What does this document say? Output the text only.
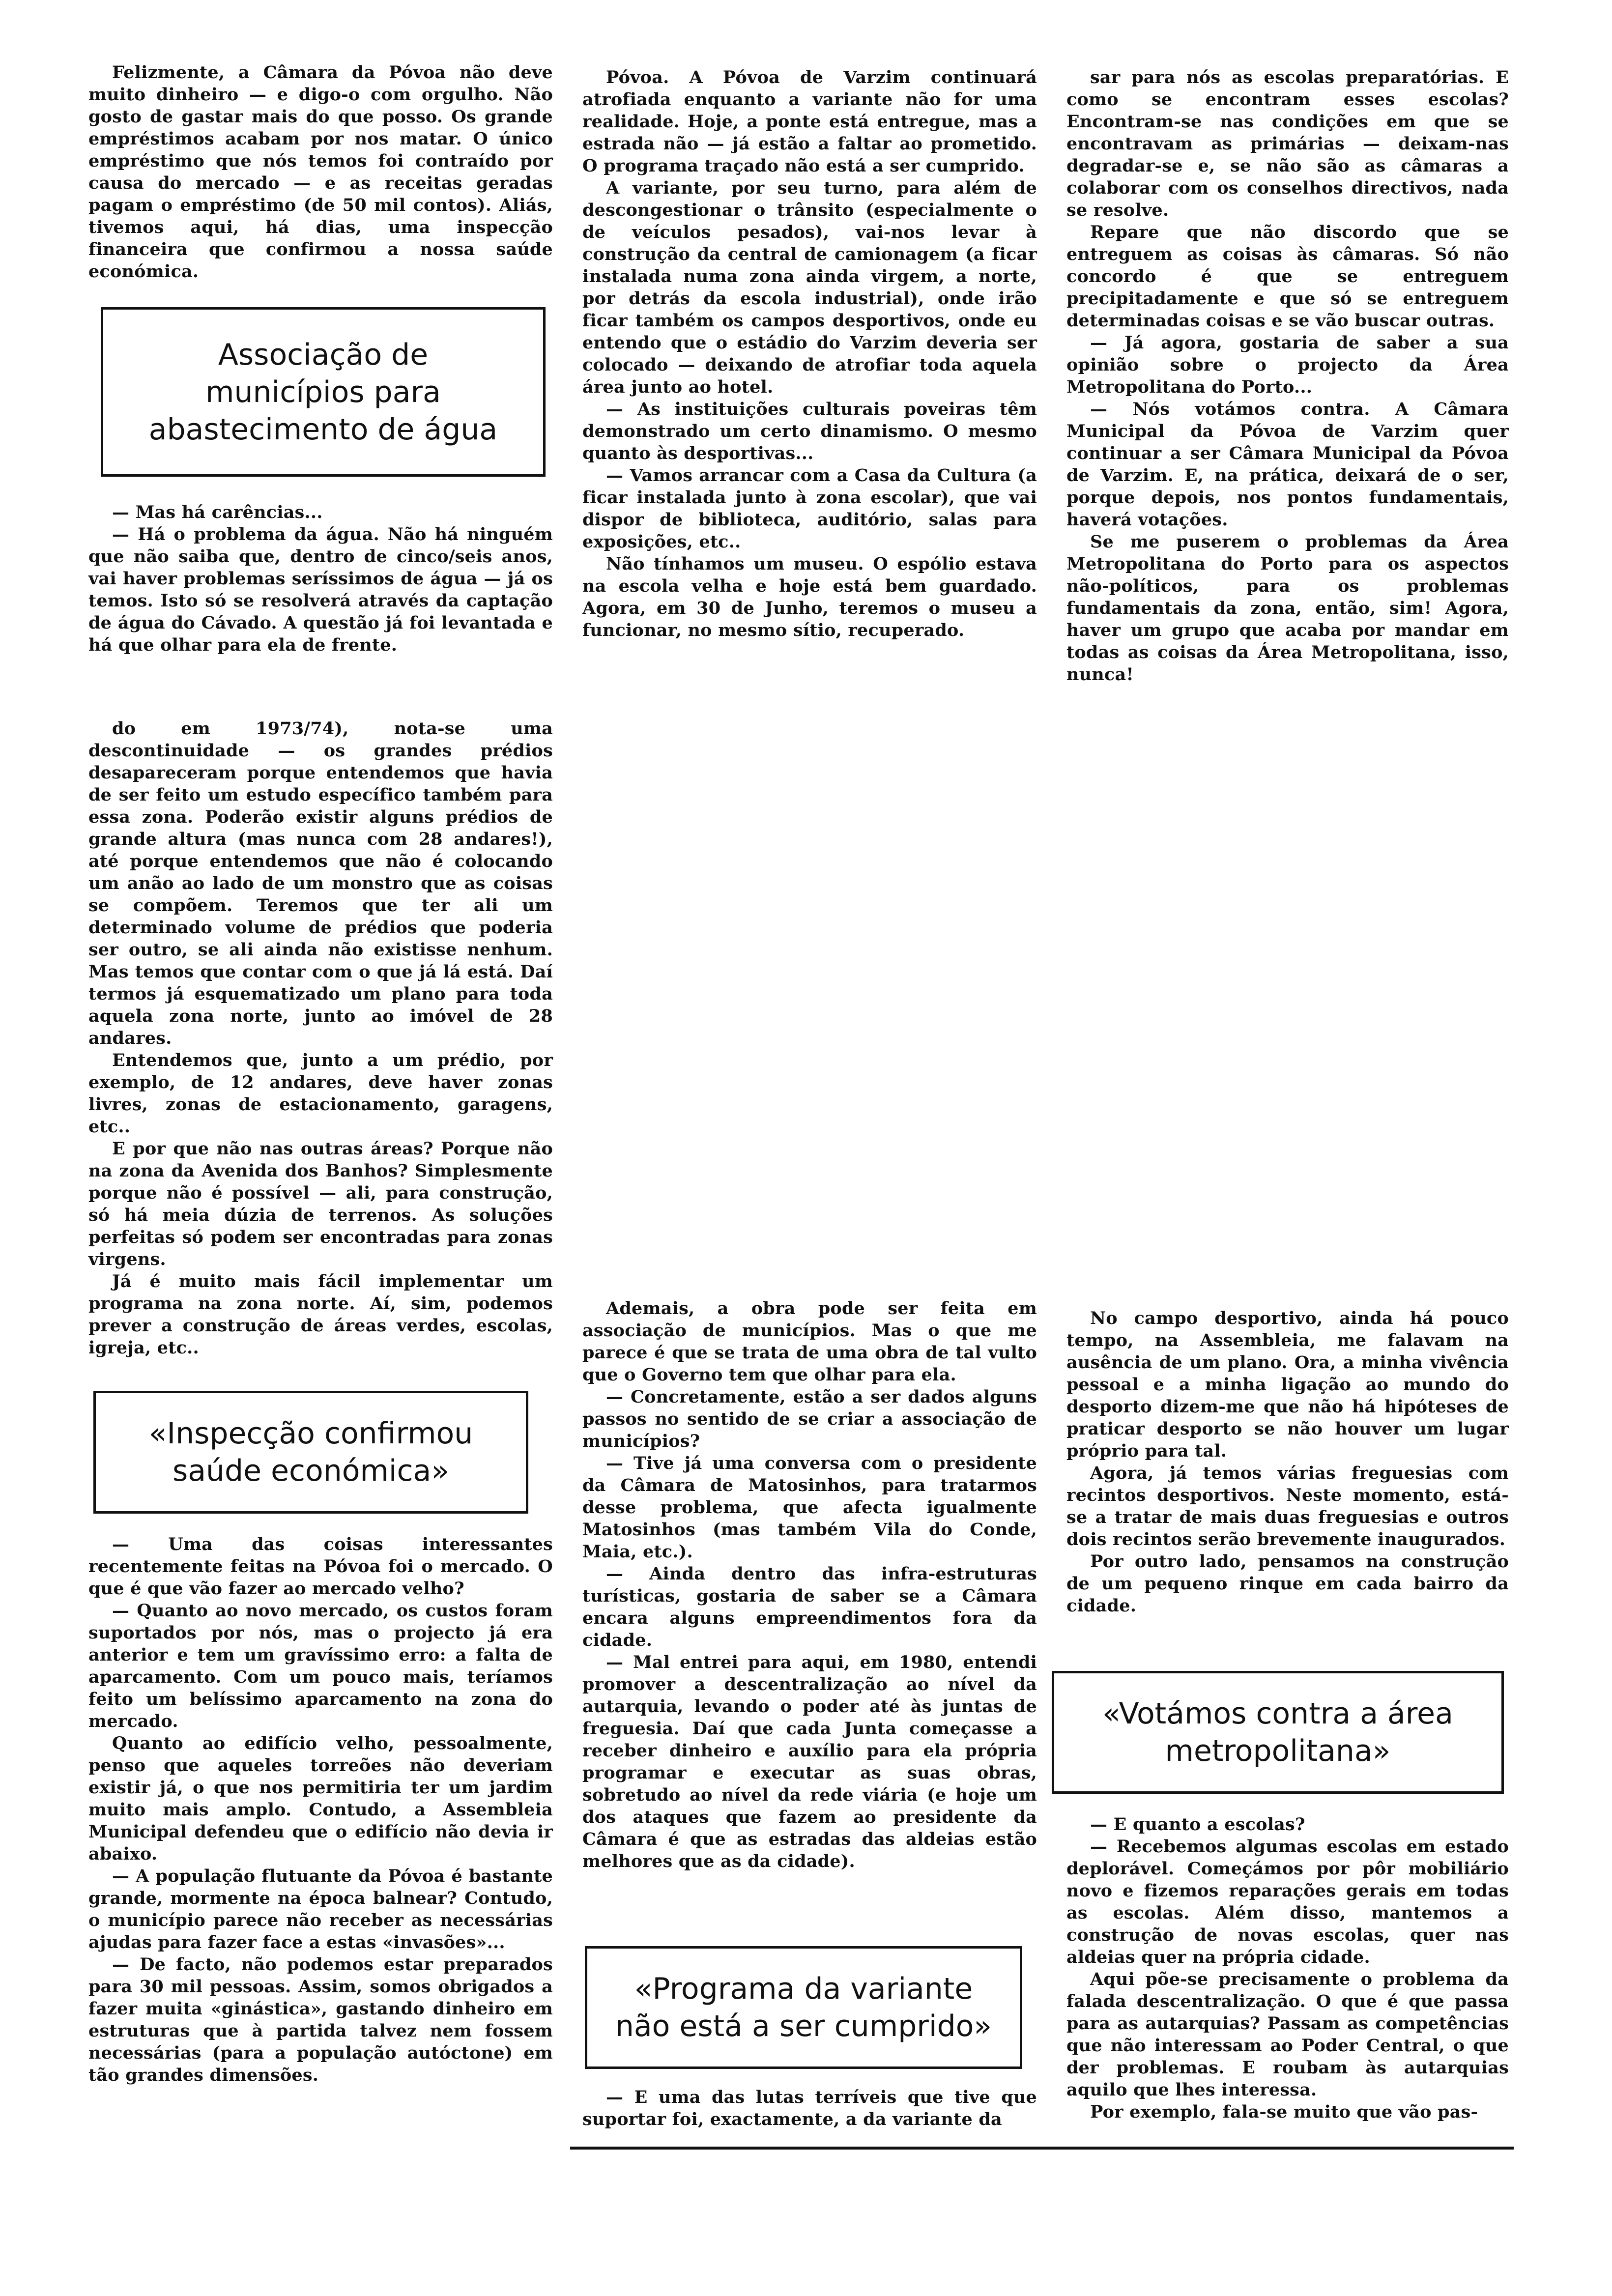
Felizmente, a Câmara da Póvoa não deve muito dinheiro — e digo-o com orgulho. Não gosto de gastar mais do que posso. Os grande empréstimos acabam por nos matar. O único empréstimo que nós temos foi contraído por causa do mercado — e as receitas geradas pagam o empréstimo (de 50 mil contos). Aliás, tivemos aqui, há dias, uma inspecção financeira que confirmou a nossa saúde económica.

Associação de municípios para abastecimento de água

— Mas há carências...

— Há o problema da água. Não há ninguém que não saiba que, dentro de cinco/seis anos, vai haver problemas seríssimos de água — já os temos. Isto só se resolverá através da captação de água do Cávado. A questão já foi levantada e há que olhar para ela de frente.

do em 1973/74), nota-se uma descontinuidade — os grandes prédios desapareceram porque entendemos que havia de ser feito um estudo específico também para essa zona. Poderão existir alguns prédios de grande altura (mas nunca com 28 andares!), até porque entendemos que não é colocando um anão ao lado de um monstro que as coisas se compõem. Teremos que ter ali um determinado volume de prédios que poderia ser outro, se ali ainda não existisse nenhum. Mas temos que contar com o que já lá está. Daí termos já esquematizado um plano para toda aquela zona norte, junto ao imóvel de 28 andares.

Entendemos que, junto a um prédio, por exemplo, de 12 andares, deve haver zonas livres, zonas de estacionamento, garagens, etc..

E por que não nas outras áreas? Porque não na zona da Avenida dos Banhos? Simplesmente porque não é possível — ali, para construção, só há meia dúzia de terrenos. As soluções perfeitas só podem ser encontradas para zonas virgens.

Já é muito mais fácil implementar um programa na zona norte. Aí, sim, podemos prever a construção de áreas verdes, escolas, igreja, etc..

«Inspecção confirmou saúde económica»

— Uma das coisas interessantes recentemente feitas na Póvoa foi o mercado. O que é que vão fazer ao mercado velho?

— Quanto ao novo mercado, os custos foram suportados por nós, mas o projecto já era anterior e tem um gravíssimo erro: a falta de aparcamento. Com um pouco mais, teríamos feito um belíssimo aparcamento na zona do mercado.

Quanto ao edifício velho, pessoalmente, penso que aqueles torreões não deveriam existir já, o que nos permitiria ter um jardim muito mais amplo. Contudo, a Assembleia Municipal defendeu que o edifício não devia ir abaixo.

— A população flutuante da Póvoa é bastante grande, mormente na época balnear? Contudo, o município parece não receber as necessárias ajudas para fazer face a estas «invasões»...

— De facto, não podemos estar preparados para 30 mil pessoas. Assim, somos obrigados a fazer muita «ginástica», gastando dinheiro em estruturas que à partida talvez nem fossem necessárias (para a população autóctone) em tão grandes dimensões.

Póvoa. A Póvoa de Varzim continuará atrofiada enquanto a variante não for uma realidade. Hoje, a ponte está entregue, mas a estrada não — já estão a faltar ao prometido. O programa traçado não está a ser cumprido.

A variante, por seu turno, para além de descongestionar o trânsito (especialmente o de veículos pesados), vai-nos levar à construção da central de camionagem (a ficar instalada numa zona ainda virgem, a norte, por detrás da escola industrial), onde irão ficar também os campos desportivos, onde eu entendo que o estádio do Varzim deveria ser colocado — deixando de atrofiar toda aquela área junto ao hotel.

— As instituições culturais poveiras têm demonstrado um certo dinamismo. O mesmo quanto às desportivas...

— Vamos arrancar com a Casa da Cultura (a ficar instalada junto à zona escolar), que vai dispor de biblioteca, auditório, salas para exposições, etc..

Não tínhamos um museu. O espólio estava na escola velha e hoje está bem guardado. Agora, em 30 de Junho, teremos o museu a funcionar, no mesmo sítio, recuperado.

Ademais, a obra pode ser feita em associação de municípios. Mas o que me parece é que se trata de uma obra de tal vulto que o Governo tem que olhar para ela.

— Concretamente, estão a ser dados alguns passos no sentido de se criar a associação de municípios?

— Tive já uma conversa com o presidente da Câmara de Matosinhos, para tratarmos desse problema, que afecta igualmente Matosinhos (mas também Vila do Conde, Maia, etc.).

— Ainda dentro das infra-estruturas turísticas, gostaria de saber se a Câmara encara alguns empreendimentos fora da cidade.

— Mal entrei para aqui, em 1980, entendi promover a descentralização ao nível da autarquia, levando o poder até às juntas de freguesia. Daí que cada Junta começasse a receber dinheiro e auxílio para ela própria programar e executar as suas obras, sobretudo ao nível da rede viária (e hoje um dos ataques que fazem ao presidente da Câmara é que as estradas das aldeias estão melhores que as da cidade).

«Programa da variante não está a ser cumprido»

— E uma das lutas terríveis que tive que suportar foi, exactamente, a da variante da

sar para nós as escolas preparatórias. E como se encontram esses escolas? Encontram-se nas condições em que se encontravam as primárias — deixam-nas degradar-se e, se não são as câmaras a colaborar com os conselhos directivos, nada se resolve.

Repare que não discordo que se entreguem as coisas às câmaras. Só não concordo é que se entreguem precipitadamente e que só se entreguem determinadas coisas e se vão buscar outras.

— Já agora, gostaria de saber a sua opinião sobre o projecto da Área Metropolitana do Porto...

— Nós votámos contra. A Câmara Municipal da Póvoa de Varzim quer continuar a ser Câmara Municipal da Póvoa de Varzim. E, na prática, deixará de o ser, porque depois, nos pontos fundamentais, haverá votações.

Se me puserem o problemas da Área Metropolitana do Porto para os aspectos não-políticos, para os problemas fundamentais da zona, então, sim! Agora, haver um grupo que acaba por mandar em todas as coisas da Área Metropolitana, isso, nunca!

No campo desportivo, ainda há pouco tempo, na Assembleia, me falavam na ausência de um plano. Ora, a minha vivência pessoal e a minha ligação ao mundo do desporto dizem-me que não há hipóteses de praticar desporto se não houver um lugar próprio para tal.

Agora, já temos várias freguesias com recintos desportivos. Neste momento, está-se a tratar de mais duas freguesias e outros dois recintos serão brevemente inaugurados.

Por outro lado, pensamos na construção de um pequeno rinque em cada bairro da cidade.

«Votámos contra a área metropolitana»

— E quanto a escolas?

— Recebemos algumas escolas em estado deplorável. Começámos por pôr mobiliário novo e fizemos reparações gerais em todas as escolas. Além disso, mantemos a construção de novas escolas, quer nas aldeias quer na própria cidade.

Aqui põe-se precisamente o problema da falada descentralização. O que é que passa para as autarquias? Passam as competências que não interessam ao Poder Central, o que der problemas. E roubam às autarquias aquilo que lhes interessa.

Por exemplo, fala-se muito que vão pas-
